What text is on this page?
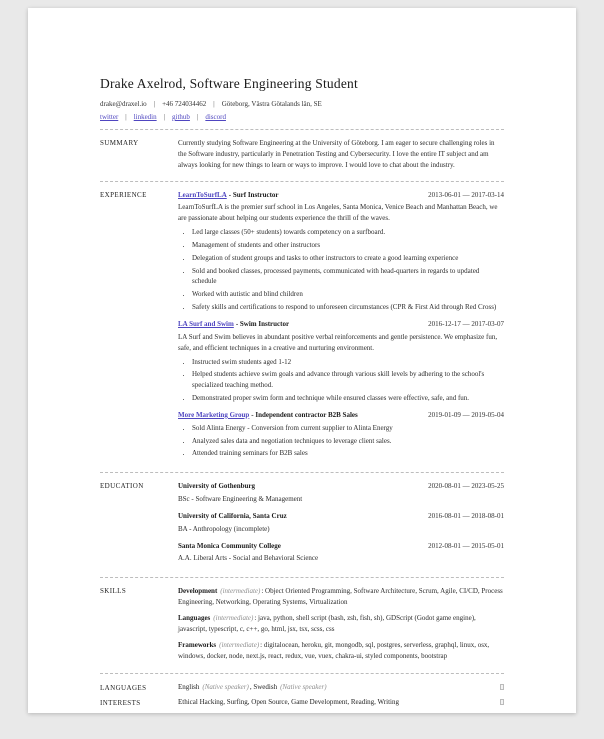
Drake Axelrod, Software Engineering Student
drake@draxel.io | +46 724034462 | Göteborg, Västra Götalands län, SE
twitter | linkedin | github | discord
SUMMARY	Currently studying Software Engineering at the University of Göteborg. I am eager to secure challenging roles in the Software industry, particularly in Penetration Testing and Cybersecurity. I love the entire IT subject and am always looking for new things to learn or ways to improve. I would love to chat about the industry.

EXPERIENCE	LearnToSurfLA - Surf Instructor	2013-06-01 — 2017-03-14

LearnToSurfLA is the premier surf school in Los Angeles, Santa Monica, Venice Beach and Manhattan Beach, we are passionate about helping our students experience the thrill of the waves.

• Led large classes (50+ students) towards competency on a surfboard.
• Management of students and other instructors
• Delegation of student groups and tasks to other instructors to create a good learning experience
• Sold and booked classes, processed payments, communicated with head-quarters in regards to updated schedule
• Worked with autistic and blind children
• Safety skills and certifications to respond to unforeseen circumstances (CPR & First Aid through Red Cross)
LA Surf and Swim - Swim Instructor	2016-12-17 — 2017-03-07

LA Surf and Swim believes in abundant positive verbal reinforcements and gentle persistence. We emphasize fun, safe, and efficient techniques in a creative and nurturing environment.

• Instructed swim students aged 1-12
• Helped students achieve swim goals and advance through various skill levels by adhering to the school's specialized teaching method.
• Demonstrated proper swim form and technique while ensured classes were effective, safe, and fun.
More Marketing Group - Independent contractor B2B Sales	2019-01-09 — 2019-05-04
• Sold Alinta Energy - Conversion from current supplier to Alinta Energy
• Analyzed sales data and negotiation techniques to leverage client sales.
• Attended training seminars for B2B sales
EDUCATION	University of Gothenburg	2020-08-01 — 2023-05-25
BSc - Software Engineering & Management
University of California, Santa Cruz	2016-08-01 — 2018-08-01
BA - Anthropology (incomplete)
Santa Monica Community College	2012-08-01 — 2015-05-01
A.A. Liberal Arts - Social and Behavioral Science
SKILLS	Development (intermediate): Object Oriented Programming, Software Architecture, Scrum, Agile, CI/CD, Process Engineering, Networking, Operating Systems, Virtualization

Languages (intermediate): java, python, shell script (bash, zsh, fish, sh), GDScript (Godot game engine), javascript, typescript, c, c++, go, html, jsx, tsx, scss, css

Frameworks (intermediate): digitalocean, heroku, git, mongodb, sql, postgres, serverless, graphql, linux, osx, windows, docker, node, next.js, react, redux, vue, vuex, chakra-ui, styled components, bootstrap

LANGUAGES	English (Native speaker), Swedish (Native speaker)
INTERESTS	Ethical Hacking, Surfing, Open Source, Game Development, Reading, Writing
